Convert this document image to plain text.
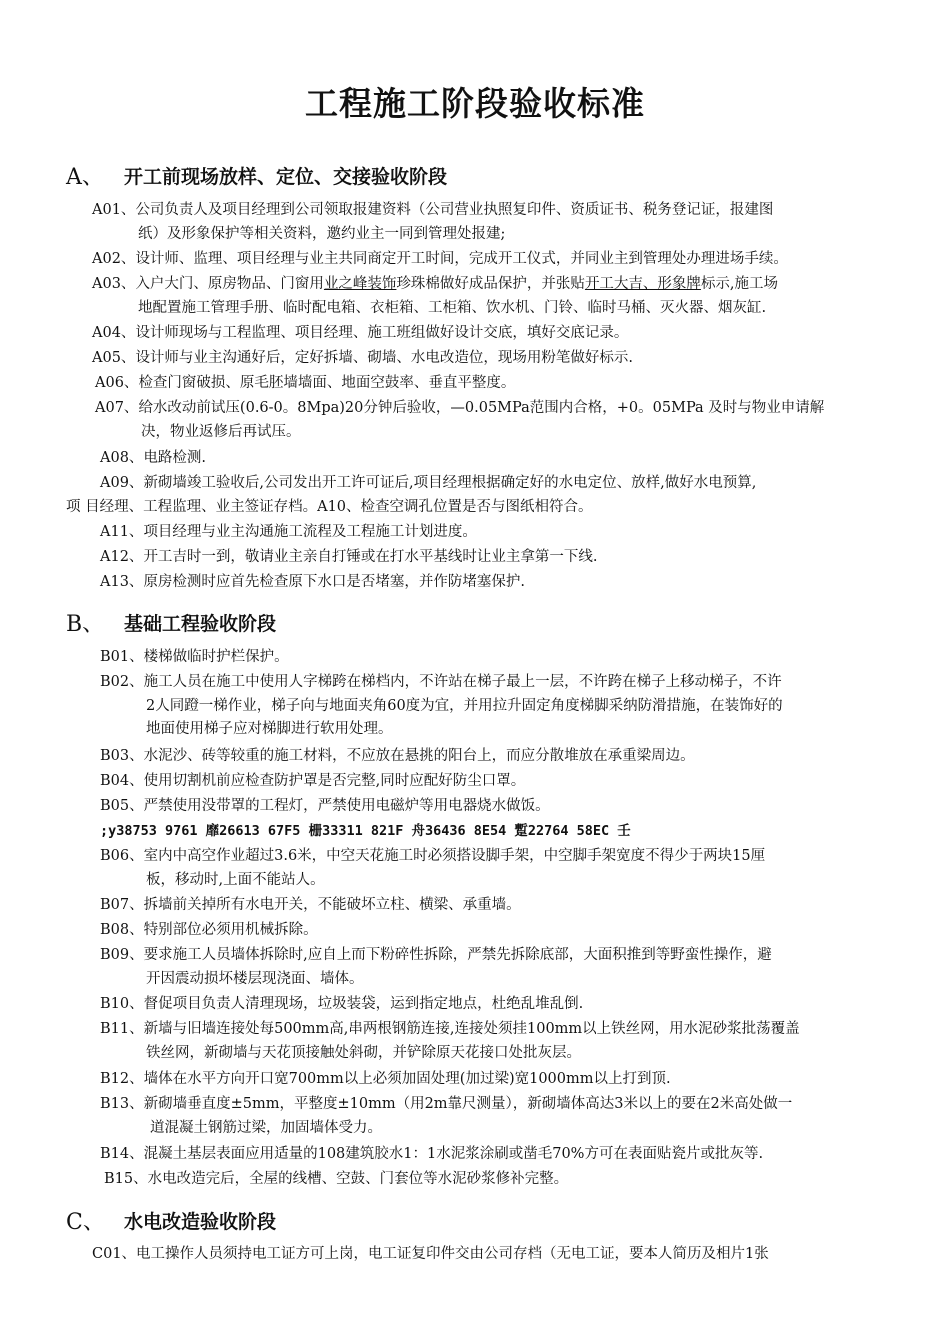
工程施工阶段验收标准
A、	开工前现场放样、定位、交接验收阶段
A01、公司负责人及项目经理到公司领取报建资料（公司营业执照复印件、资质证书、税务登记证，报建图
纸）及形象保护等相关资料，邀约业主一同到管理处报建;
A02、设计师、监理、项目经理与业主共同商定开工时间，完成开工仪式，并同业主到管理处办理进场手续。
A03、入户大门、原房物品、门窗用业之峰装饰珍珠棉做好成品保护，并张贴开工大吉、形象牌标示,施工场
地配置施工管理手册、临时配电箱、衣柜箱、工柜箱、饮水机、门铃、临时马桶、灭火器、烟灰缸.
A04、设计师现场与工程监理、项目经理、施工班组做好设计交底，填好交底记录。
A05、设计师与业主沟通好后，定好拆墙、砌墙、水电改造位，现场用粉笔做好标示.
A06、检查门窗破损、原毛胚墙墙面、地面空鼓率、垂直平整度。
A07、给水改动前试压(0.6-0。8Mpa)20分钟后验收，—0.05MPa范围内合格，+0。05MPa 及时与物业申请解
决，物业返修后再试压。
A08、电路检测.
A09、新砌墙竣工验收后,公司发出开工许可证后,项目经理根据确定好的水电定位、放样,做好水电预算,
项 目经理、工程监理、业主签证存档。A10、检查空调孔位置是否与图纸相符合。
A11、项目经理与业主沟通施工流程及工程施工计划进度。
A12、开工吉时一到，敬请业主亲自打锤或在打水平基线时让业主拿第一下线.
A13、原房检测时应首先检查原下水口是否堵塞，并作防堵塞保护.
B、	基础工程验收阶段
B01、楼梯做临时护栏保护。
B02、施工人员在施工中使用人字梯跨在梯档内，不许站在梯子最上一层，不许跨在梯子上移动梯子，不许
2人同蹬一梯作业，梯子向与地面夹角60度为宜，并用拉升固定角度梯脚采纳防滑措施，在装饰好的
地面使用梯子应对梯脚进行软用处理。
B03、水泥沙、砖等较重的施工材料，不应放在悬挑的阳台上，而应分散堆放在承重梁周边。
B04、使用切割机前应检查防护罩是否完整,同时应配好防尘口罩。
B05、严禁使用没带罩的工程灯，严禁使用电磁炉等用电器烧水做饭。
;y38753 9761 靡26613 67F5 栅33311 821F 舟36436 8E54 蹔22764 58EC 壬
B06、室内中高空作业超过3.6米，中空天花施工时必须搭设脚手架，中空脚手架宽度不得少于两块15厘
板，移动时,上面不能站人。
B07、拆墙前关掉所有水电开关，不能破坏立柱、横梁、承重墙。
B08、特别部位必须用机械拆除。
B09、要求施工人员墙体拆除时,应自上而下粉碎性拆除，严禁先拆除底部，大面积推到等野蛮性操作，避
开因震动损坏楼层现浇面、墙体。
B10、督促项目负责人清理现场，垃圾装袋，运到指定地点，杜绝乱堆乱倒.
B11、新墙与旧墙连接处每500mm高,串两根钢筋连接,连接处须挂100mm以上铁丝网，用水泥砂浆批荡覆盖
铁丝网，新砌墙与天花顶接触处斜砌，并铲除原天花接口处批灰层。
B12、墙体在水平方向开口宽700mm以上必须加固处理(加过梁)宽1000mm以上打到顶.
B13、新砌墙垂直度±5mm，平整度±10mm（用2m靠尺测量），新砌墙体高达3米以上的要在2米高处做一
道混凝土钢筋过梁，加固墙体受力。
B14、混凝土基层表面应用适量的108建筑胶水1：1水泥浆涂刷或凿毛70%方可在表面贴瓷片或批灰等.
B15、水电改造完后，全屋的线槽、空鼓、门套位等水泥砂浆修补完整。
C、	水电改造验收阶段
C01、电工操作人员须持电工证方可上岗，电工证复印件交由公司存档（无电工证，要本人简历及相片1张
